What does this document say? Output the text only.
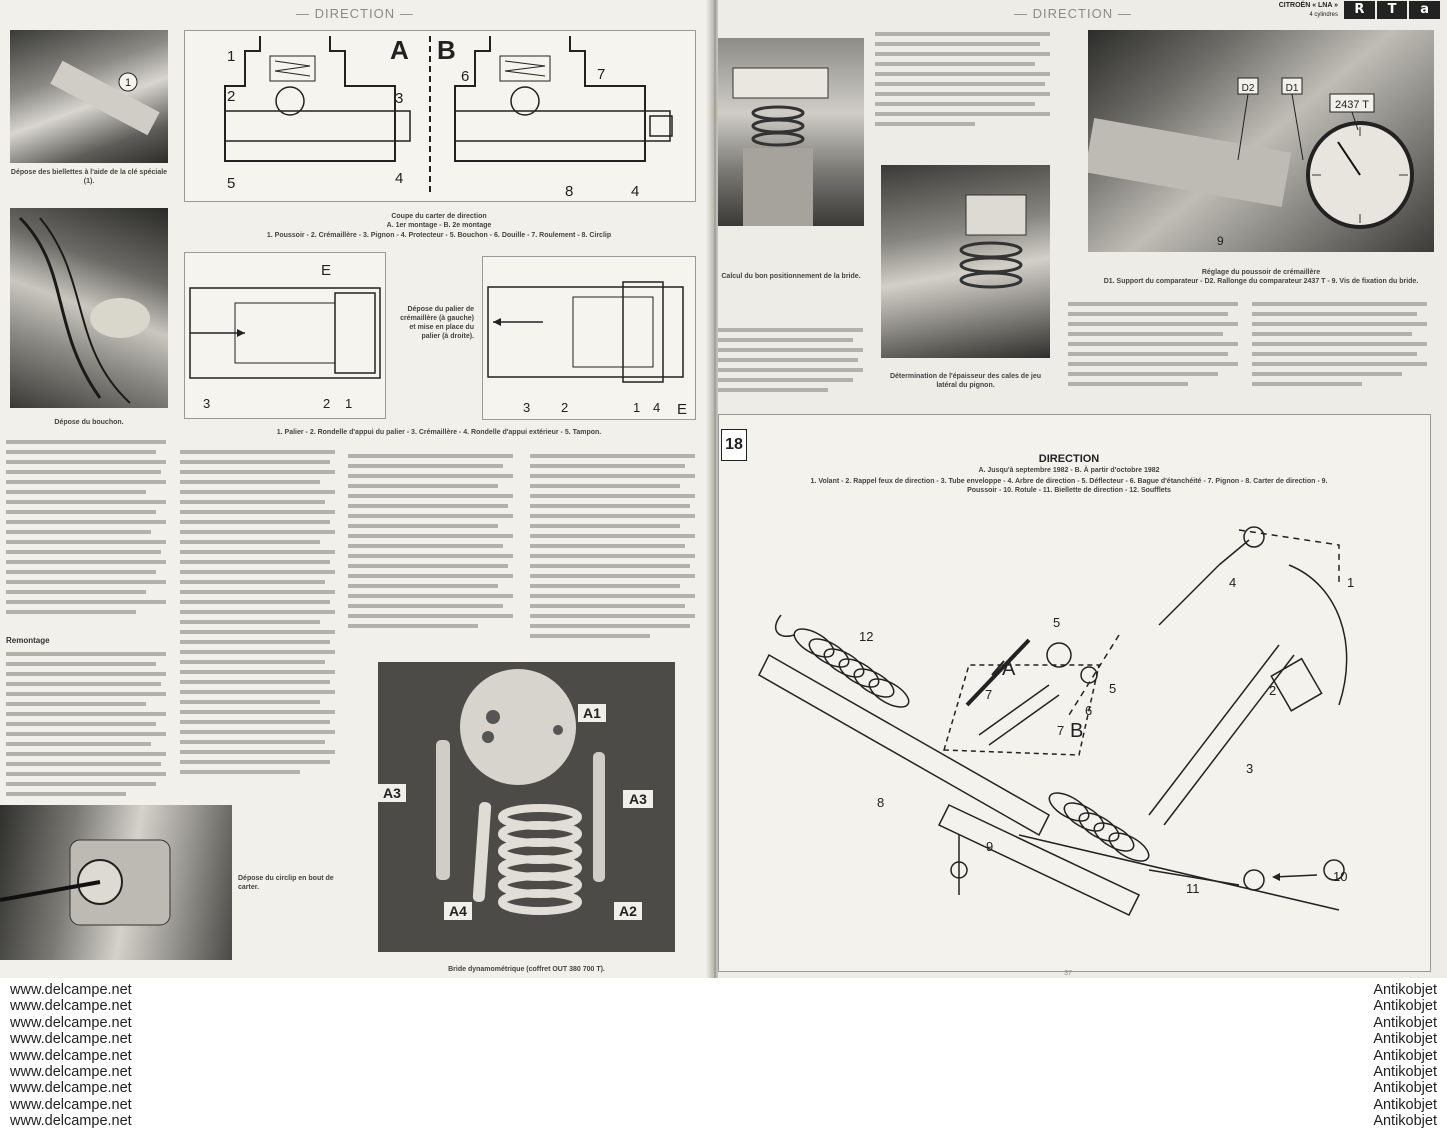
— DIRECTION —
1
Dépose des biellettes à l'aide de la clé spéciale (1).
Dépose du bouchon.
A B
1
2	3
4
5
6	7
8	4
Coupe du carter de direction
A. 1er montage - B. 2e montage
1. Poussoir - 2. Crémaillère - 3. Pignon - 4. Protecteur - 5. Bouchon - 6. Douille - 7. Roulement - 8. Circlip
E
3	2 1
Dépose du palier de crémaillère (à gauche) et mise en place du palier (à droite).
3 2	1 4 E
1. Palier - 2. Rondelle d'appui du palier - 3. Crémaillère - 4. Rondelle d'appui extérieur - 5. Tampon.
Remontage
Dépose du circlip en bout de carter.
A1
A3	A3
A4	A2
Bride dynamométrique (coffret OUT 380 700 T).
— DIRECTION —
CITROËN « LNA »
4 cylindres
Calcul du bon positionnement de la bride.
Détermination de l'épaisseur des cales de jeu latéral du pignon.
D2	D1
2437 T
9
Réglage du poussoir de crémaillère
D1. Support du comparateur - D2. Rallonge du comparateur 2437 T - 9. Vis de fixation du bride.
18
DIRECTION
A. Jusqu'à septembre 1982 - B. À partir d'octobre 1982
1. Volant - 2. Rappel feux de direction - 3. Tube enveloppe - 4. Arbre de direction - 5. Déflecteur - 6. Bague d'étanchéité - 7. Pignon - 8. Carter de direction - 9. Poussoir - 10. Rotule - 11. Biellette de direction - 12. Soufflets
1
2
3
4
5
5
6
7
7
8
9
10
11
12
A
B
37
R	T	a
www.delcampe.net
www.delcampe.net
www.delcampe.net
www.delcampe.net
www.delcampe.net
www.delcampe.net
www.delcampe.net
www.delcampe.net
www.delcampe.net
Antikobjet
Antikobjet
Antikobjet
Antikobjet
Antikobjet
Antikobjet
Antikobjet
Antikobjet
Antikobjet
